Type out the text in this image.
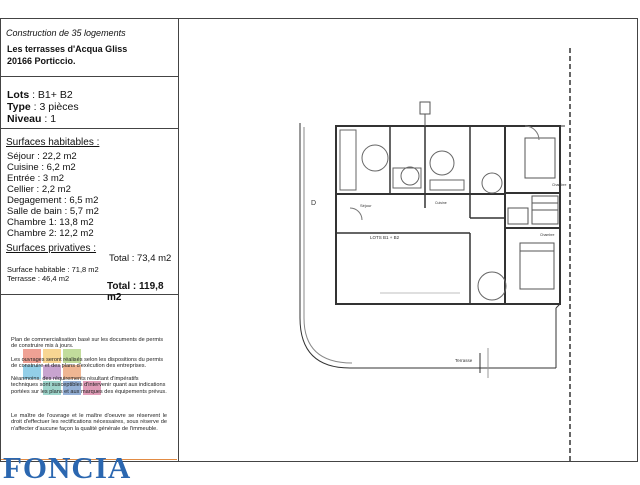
Construction de 35 logements
Les terrasses d'Acqua Gliss
20166 Porticcio.
Lots : B1+ B2
Type : 3 pièces
Niveau : 1
Surfaces habitables :
Séjour : 22,2 m2
Cuisine : 6,2 m2
Entrée : 3 m2
Cellier : 2,2 m2
Degagement : 6,5 m2
Salle de bain : 5,7 m2
Chambre 1: 13,8 m2
Chambre 2: 12,2 m2
Total : 73,4 m2
Surfaces privatives :
Surface habitable : 71,8 m2
Terrasse : 46,4 m2
Total : 119,8 m2
Plan de commercialisation basé sur les documents de permis de construire mis à jours.
Les ouvrages seront réalisés selon les dispositions du permis de construire et des plans d'exécution des entreprises.
Néanmoins, des réquirements résultant d'impératifs techniques sont susceptibles d'intervenir quant aux indications portées sur les plans et aux marques des équipements prévus.
Le maître de l'ouvrage et le maître d'oeuvre se réservent le droit d'effectuer les rectifications nécessaires, sous réserve de n'affecter d'aucune façon la qualité générale de l'immeuble.
FONCIA
LOTS B1 + B2
Terrasse
Séjour
Chambre
Chambre
Cuisine
D
